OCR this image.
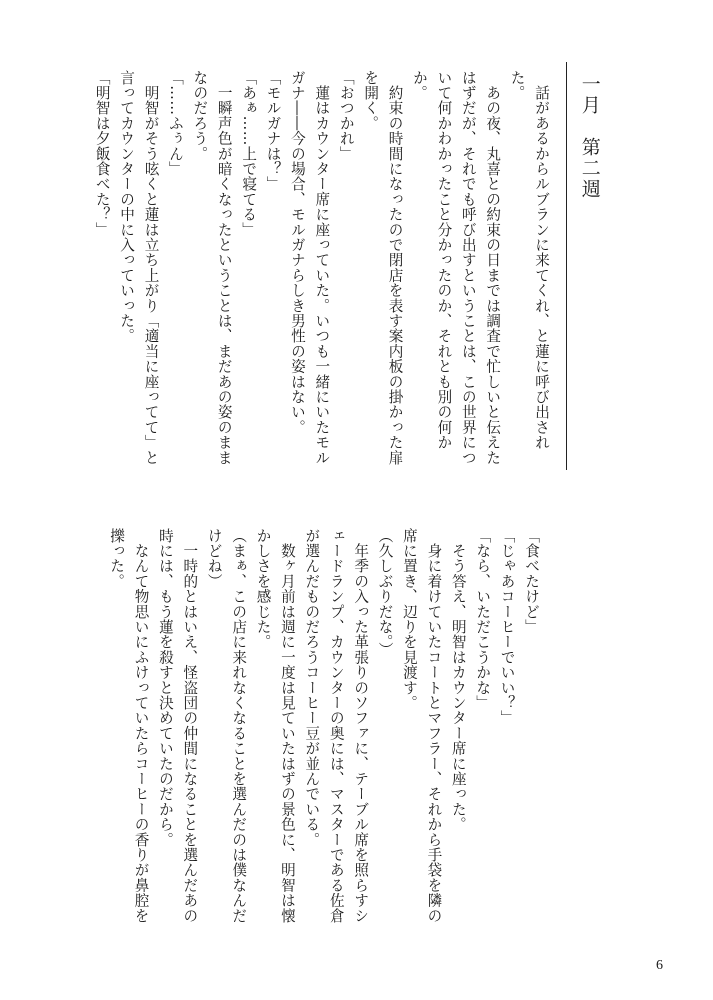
一月　第二週

　話があるからルブランに来てくれ、と蓮に呼び出された。

　あの夜、丸喜との約束の日までは調査で忙しいと伝えたはずだが、それでも呼び出すということは、この世界について何かわかったこと分かったのか、それとも別の何かか。

　約束の時間になったので閉店を表す案内板の掛かった扉を開く。

「おつかれ」

　蓮はカウンター席に座っていた。いつも一緒にいたモルガナ――今の場合、モルガナらしき男性の姿はない。

「モルガナは？」

「あぁ……上で寝てる」

　一瞬声色が暗くなったということは、まだあの姿のままなのだろう。

「……ふぅん」

　明智がそう呟くと蓮は立ち上がり「適当に座ってて」と言ってカウンターの中に入っていった。

「明智は夕飯食べた？」

「食べたけど」

「じゃあコーヒーでいい？」

「なら、いただこうかな」

　そう答え、明智はカウンター席に座った。

　身に着けていたコートとマフラー、それから手袋を隣の席に置き、辺りを見渡す。

（久しぶりだな。）

　年季の入った革張りのソファに、テーブル席を照らすシェードランプ、カウンターの奥には、マスターである佐倉が選んだものだろうコーヒー豆が並んでいる。

　数ヶ月前は週に一度は見ていたはずの景色に、明智は懐かしさを感じた。

（まぁ、この店に来れなくなることを選んだのは僕なんだけどね）

　一時的とはいえ、怪盗団の仲間になることを選んだあの時には、もう蓮を殺すと決めていたのだから。

　なんて物思いにふけっていたらコーヒーの香りが鼻腔を擽った。

6
